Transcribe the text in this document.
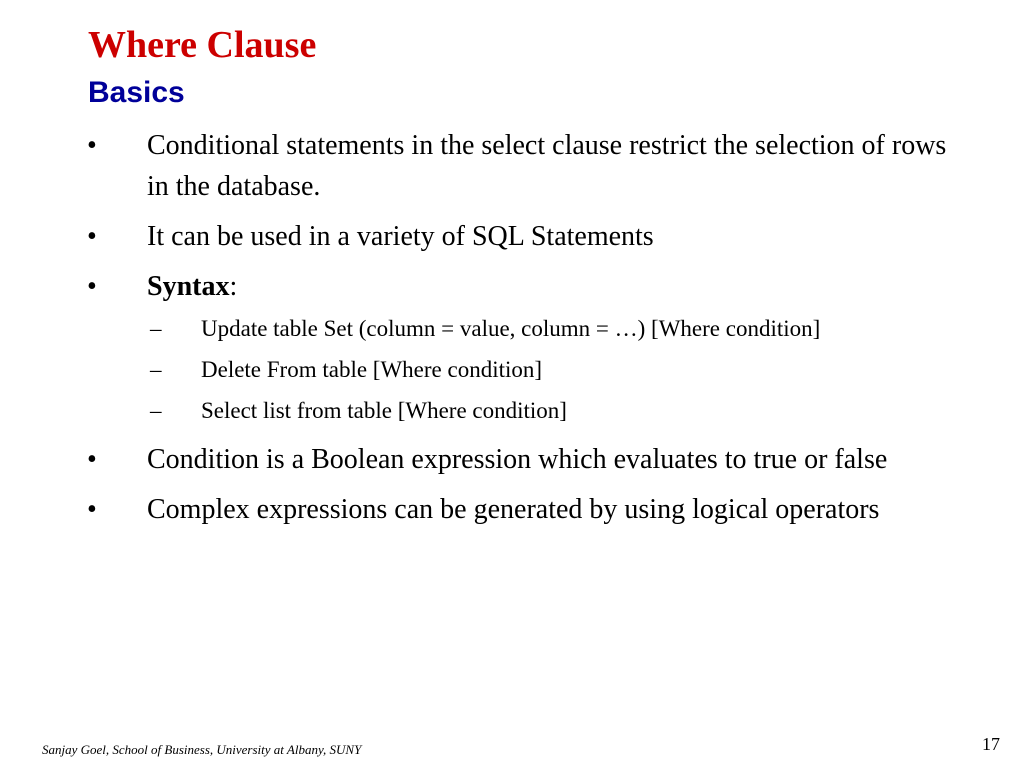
Where Clause
Basics
• Conditional statements in the select clause restrict the selection of rows in the database.
• It can be used in a variety of SQL Statements
• Syntax:
– Update table Set (column = value, column = …) [Where condition]
– Delete From table [Where condition]
– Select list from table [Where condition]
• Condition is a Boolean expression which evaluates to true or false
• Complex expressions can be generated by using logical operators
Sanjay Goel, School of Business, University at Albany, SUNY	17
